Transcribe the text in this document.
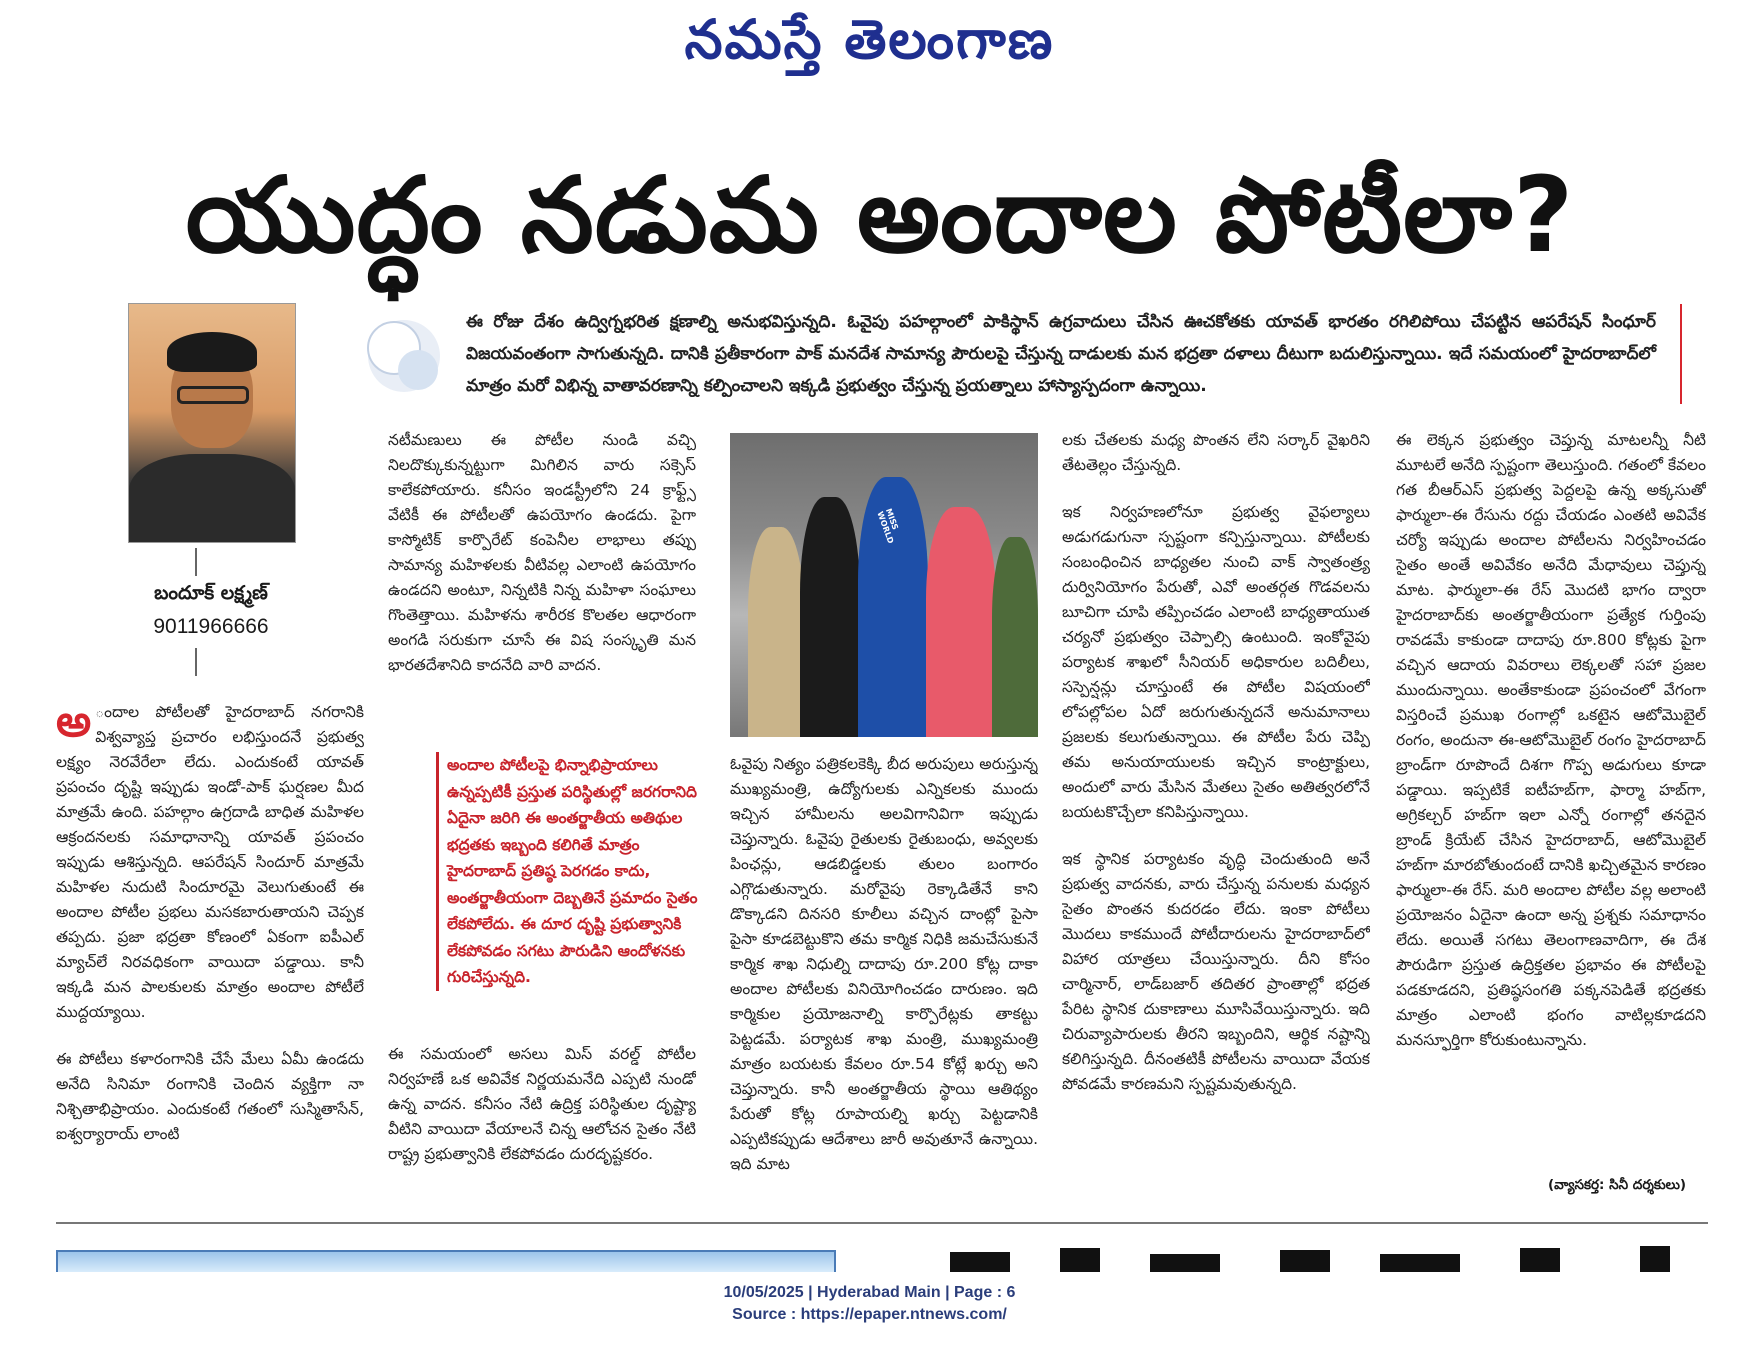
నమస్తే తెలంగాణ
యుద్ధం నడుమ అందాల పోటీలా?
బందూక్ లక్ష్మణ్
9011966666
ఈ రోజు దేశం ఉద్విగ్నభరిత క్షణాల్ని అనుభవిస్తున్నది. ఓవైపు పహల్గాంలో పాకిస్థాన్ ఉగ్రవాదులు చేసిన ఊచకోతకు యావత్ భారతం రగిలిపోయి చేపట్టిన ఆపరేషన్ సింధూర్ విజయవంతంగా సాగుతున్నది. దానికి ప్రతీకారంగా పాక్ మనదేశ సామాన్య పౌరులపై చేస్తున్న దాడులకు మన భద్రతా దళాలు దీటుగా బదులిస్తున్నాయి. ఇదే సమయంలో హైదరాబాద్‌లో మాత్రం మరో విభిన్న వాతావరణాన్ని కల్పించాలని ఇక్కడి ప్రభుత్వం చేస్తున్న ప్రయత్నాలు హాస్యాస్పదంగా ఉన్నాయి.

అ ందాల పోటీలతో హైదరాబాద్ నగరానికి విశ్వవ్యాప్త ప్రచారం లభిస్తుందనే ప్రభుత్వ లక్ష్యం నెరవేరేలా లేదు. ఎందుకంటే యావత్ ప్రపంచం దృష్టి ఇప్పుడు ఇండో-పాక్ ఘర్షణల మీద మాత్రమే ఉంది. పహల్గాం ఉగ్రదాడి బాధిత మహిళల ఆక్రందనలకు సమాధానాన్ని యావత్ ప్రపంచం ఇప్పుడు ఆశిస్తున్నది. ఆపరేషన్ సిందూర్ మాత్రమే మహిళల నుదుటి సిందూరమై వెలుగుతుంటే ఈ అందాల పోటీల ప్రభలు మసకబారుతాయని చెప్పక తప్పదు. ప్రజా భద్రతా కోణంలో ఏకంగా ఐపీఎల్ మ్యాచ్‌లే నిరవధికంగా వాయిదా పడ్డాయి. కానీ ఇక్కడి మన పాలకులకు మాత్రం అందాల పోటీలే ముద్దయ్యాయి.

ఈ పోటీలు కళారంగానికి చేసే మేలు ఏమీ ఉండదు అనేది సినిమా రంగానికి చెందిన వ్యక్తిగా నా నిశ్చితాభిప్రాయం. ఎందుకంటే గతంలో సుస్మితాసేన్, ఐశ్వర్యారాయ్ లాంటి

నటీమణులు ఈ పోటీల నుండి వచ్చి నిలదొక్కుకున్నట్టుగా మిగిలిన వారు సక్సెస్ కాలేకపోయారు. కనీసం ఇండస్ట్రీలోని 24 క్రాఫ్ట్స్ వేటికీ ఈ పోటీలతో ఉపయోగం ఉండదు. పైగా కాస్మోటిక్ కార్పొరేట్ కంపెనీల లాభాలు తప్పు సామాన్య మహిళలకు వీటివల్ల ఎలాంటి ఉపయోగం ఉండదని అంటూ, నిన్నటికి నిన్న మహిళా సంఘాలు గొంతెత్తాయి. మహిళను శారీరక కొలతల ఆధారంగా అంగడి సరుకుగా చూసే ఈ విష సంస్కృతి మన భారతదేశానిది కాదనేది వారి వాదన.

అందాల పోటీలపై భిన్నాభిప్రాయాలు ఉన్నప్పటికీ ప్రస్తుత పరిస్థితుల్లో జరగరానిది ఏదైనా జరిగి ఈ అంతర్జాతీయ అతిథుల భద్రతకు ఇబ్బంది కలిగితే మాత్రం హైదరాబాద్ ప్రతిష్ఠ పెరగడం కాదు, అంతర్జాతీయంగా దెబ్బతినే ప్రమాదం సైతం లేకపోలేదు. ఈ దూర దృష్టి ప్రభుత్వానికి లేకపోవడం సగటు పౌరుడిని ఆందోళనకు గురిచేస్తున్నది.

ఈ సమయంలో అసలు మిస్ వరల్డ్ పోటీల నిర్వహణే ఒక అవివేక నిర్ణయమనేది ఎప్పటి నుండో ఉన్న వాదన. కనీసం నేటి ఉద్రిక్త పరిస్థితుల దృష్ట్యా వీటిని వాయిదా వేయాలనే చిన్న ఆలోచన సైతం నేటి రాష్ట్ర ప్రభుత్వానికి లేకపోవడం దురదృష్టకరం.

MISS WORLD

ఓవైపు నిత్యం పత్రికలకెక్కి బీద అరుపులు అరుస్తున్న ముఖ్యమంత్రి, ఉద్యోగులకు ఎన్నికలకు ముందు ఇచ్చిన హామీలను అలవిగానివిగా ఇప్పుడు చెప్తున్నారు. ఓవైపు రైతులకు రైతుబంధు, అవ్వలకు పింఛన్లు, ఆడబిడ్డలకు తులం బంగారం ఎగ్గొడుతున్నారు. మరోవైపు రెక్కాడితేనే కాని డొక్కాడని దినసరి కూలీలు వచ్చిన దాంట్లో పైసా పైసా కూడబెట్టుకొని తమ కార్మిక నిధికి జమచేసుకునే కార్మిక శాఖ నిధుల్ని దాదాపు రూ.200 కోట్ల దాకా అందాల పోటీలకు వినియోగించడం దారుణం. ఇది కార్మికుల ప్రయోజనాల్ని కార్పొరేట్లకు తాకట్టు పెట్టడమే. పర్యాటక శాఖ మంత్రి, ముఖ్యమంత్రి మాత్రం బయటకు కేవలం రూ.54 కోట్లే ఖర్చు అని చెప్తున్నారు. కానీ అంతర్జాతీయ స్థాయి ఆతిథ్యం పేరుతో కోట్ల రూపాయల్ని ఖర్చు పెట్టడానికి ఎప్పటికప్పుడు ఆదేశాలు జారీ అవుతూనే ఉన్నాయి. ఇది మాట

లకు చేతలకు మధ్య పొంతన లేని సర్కార్ వైఖరిని తేటతెల్లం చేస్తున్నది.

ఇక నిర్వహణలోనూ ప్రభుత్వ వైఫల్యాలు అడుగడుగునా స్పష్టంగా కన్పిస్తున్నాయి. పోటీలకు సంబంధించిన బాధ్యతల నుంచి వాక్ స్వాతంత్ర్య దుర్వినియోగం పేరుతో, ఎవో అంతర్గత గొడవలను బూచిగా చూపి తప్పించడం ఎలాంటి బాధ్యతాయుత చర్యనో ప్రభుత్వం చెప్పాల్సి ఉంటుంది. ఇంకోవైపు పర్యాటక శాఖలో సీనియర్ అధికారుల బదిలీలు, సస్పెన్షన్లు చూస్తుంటే ఈ పోటీల విషయంలో లోపల్లోపల ఏదో జరుగుతున్నదనే అనుమానాలు ప్రజలకు కలుగుతున్నాయి. ఈ పోటీల పేరు చెప్పి తమ అనుయాయులకు ఇచ్చిన కాంట్రాక్టులు, అందులో వారు మేసిన మేతలు సైతం అతిత్వరలోనే బయటకొచ్చేలా కనిపిస్తున్నాయి.

ఇక స్థానిక పర్యాటకం వృద్ధి చెందుతుంది అనే ప్రభుత్వ వాదనకు, వారు చేస్తున్న పనులకు మధ్యన సైతం పొంతన కుదరడం లేదు. ఇంకా పోటీలు మొదలు కాకముందే పోటీదారులను హైదరాబాద్‌లో విహార యాత్రలు చేయిస్తున్నారు. దీని కోసం చార్మినార్, లాడ్‌బజార్ తదితర ప్రాంతాల్లో భద్రత పేరిట స్థానిక దుకాణాలు మూసివేయిస్తున్నారు. ఇది చిరువ్యాపారులకు తీరని ఇబ్బందిని, ఆర్థిక నష్టాన్ని కలిగిస్తున్నది. దీనంతటికీ పోటీలను వాయిదా వేయక పోవడమే కారణమని స్పష్టమవుతున్నది.

ఈ లెక్కన ప్రభుత్వం చెప్తున్న మాటలన్నీ నీటి మూటలే అనేది స్పష్టంగా తెలుస్తుంది. గతంలో కేవలం గత బీఆర్‌ఎస్ ప్రభుత్వ పెద్దలపై ఉన్న అక్కసుతో ఫార్ములా-ఈ రేసును రద్దు చేయడం ఎంతటి అవివేక చర్యో ఇప్పుడు అందాల పోటీలను నిర్వహించడం సైతం అంతే అవివేకం అనేది మేధావులు చెప్తున్న మాట. ఫార్ములా-ఈ రేస్ మొదటి భాగం ద్వారా హైదరాబాద్‌కు అంతర్జాతీయంగా ప్రత్యేక గుర్తింపు రావడమే కాకుండా దాదాపు రూ.800 కోట్లకు పైగా వచ్చిన ఆదాయ వివరాలు లెక్కలతో సహా ప్రజల ముందున్నాయి. అంతేకాకుండా ప్రపంచంలో వేగంగా విస్తరించే ప్రముఖ రంగాల్లో ఒకటైన ఆటోమొబైల్ రంగం, అందునా ఈ-ఆటోమొబైల్ రంగం హైదరాబాద్ బ్రాండ్‌గా రూపొందే దిశగా గొప్ప అడుగులు కూడా పడ్డాయి. ఇప్పటికే ఐటీహబ్‌గా, ఫార్మా హబ్‌గా, అగ్రికల్చర్ హబ్‌గా ఇలా ఎన్నో రంగాల్లో తనదైన బ్రాండ్ క్రియేట్ చేసిన హైదరాబాద్, ఆటోమొబైల్ హబ్‌గా మారబోతుందంటే దానికి ఖచ్చితమైన కారణం ఫార్ములా-ఈ రేస్. మరి అందాల పోటీల వల్ల అలాంటి ప్రయోజనం ఏదైనా ఉందా అన్న ప్రశ్నకు సమాధానం లేదు. అయితే సగటు తెలంగాణవాదిగా, ఈ దేశ పౌరుడిగా ప్రస్తుత ఉద్రిక్తతల ప్రభావం ఈ పోటీలపై పడకూడదని, ప్రతిష్ఠసంగతి పక్కనపెడితే భద్రతకు మాత్రం ఎలాంటి భంగం వాటిల్లకూడదని మనస్ఫూర్తిగా కోరుకుంటున్నాను.

(వ్యాసకర్త: సినీ దర్శకులు)
10/05/2025 | Hyderabad Main | Page : 6
Source : https://epaper.ntnews.com/
